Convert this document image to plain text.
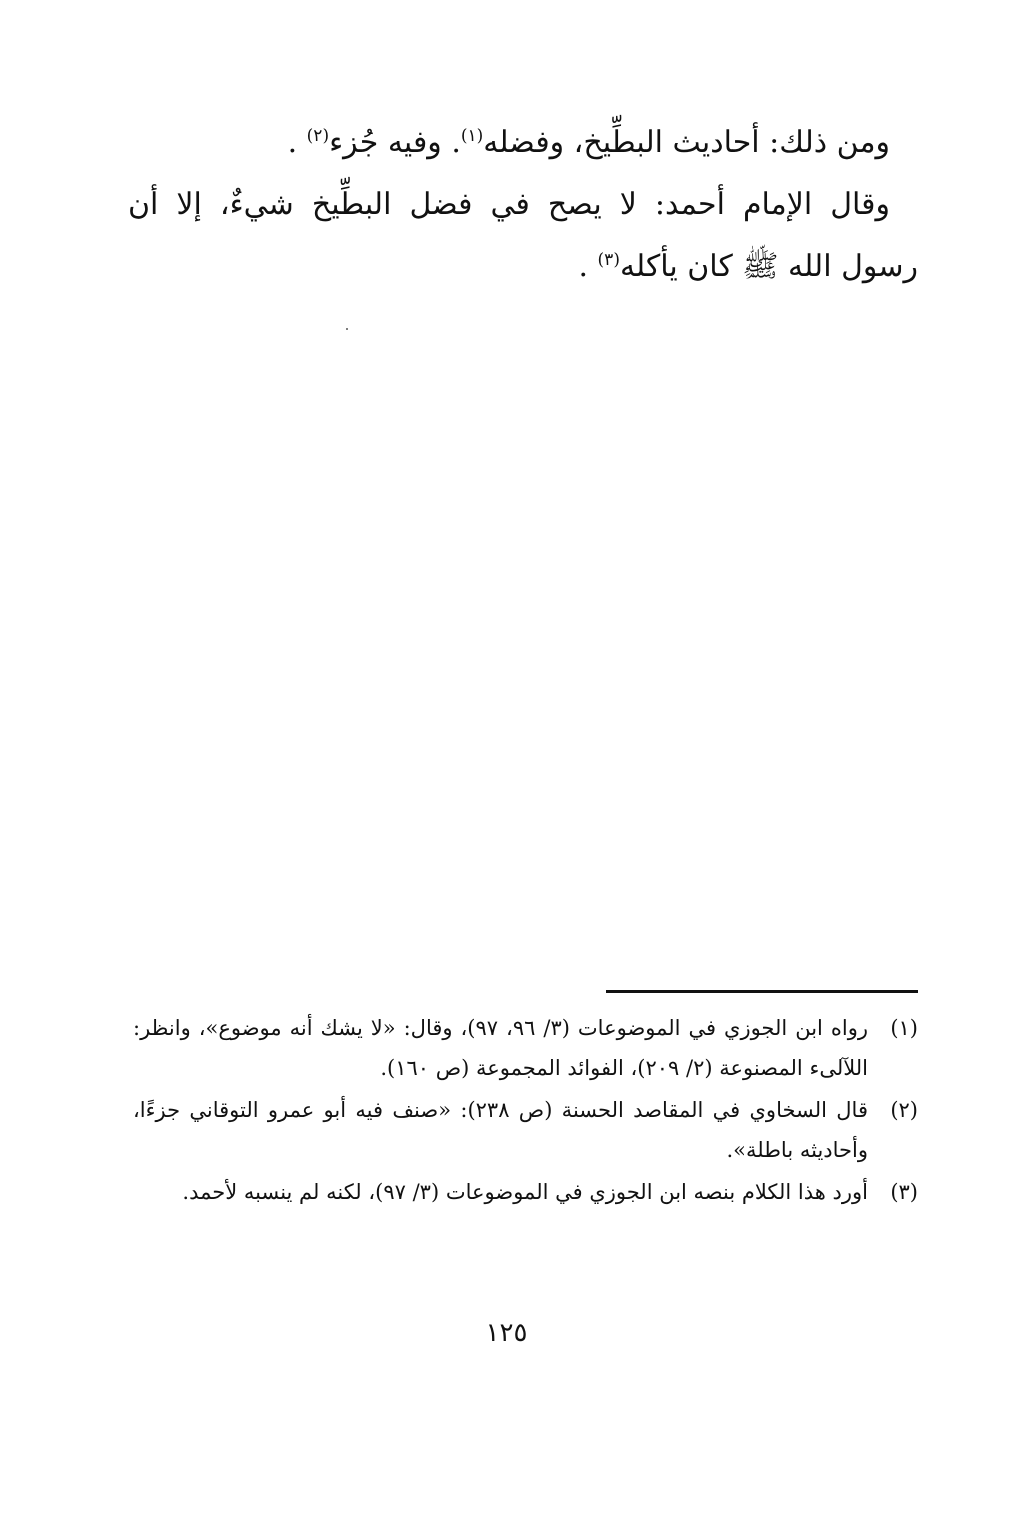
ومن ذلك: أحاديث البطِّيخ، وفضله$^{(١)}$. وفيه جُزء$^{(٢)}$ .

وقال الإمام أحمد: لا يصح في فضل البطِّيخ شيءٌ، إلا أن رسول الله ﷺ كان يأكله$^{(٣)}$ .

(١)
رواه ابن الجوزي في الموضوعات (٣/ ٩٦، ٩٧)، وقال: «لا يشك أنه موضوع»، وانظر: اللآلىء المصنوعة (٢/ ٢٠٩)، الفوائد المجموعة (ص ١٦٠).
(٢)
قال السخاوي في المقاصد الحسنة (ص ٢٣٨): «صنف فيه أبو عمرو التوقاني جزءًا، وأحاديثه باطلة».
(٣)
أورد هذا الكلام بنصه ابن الجوزي في الموضوعات (٣/ ٩٧)، لكنه لم ينسبه لأحمد.
١٢٥
